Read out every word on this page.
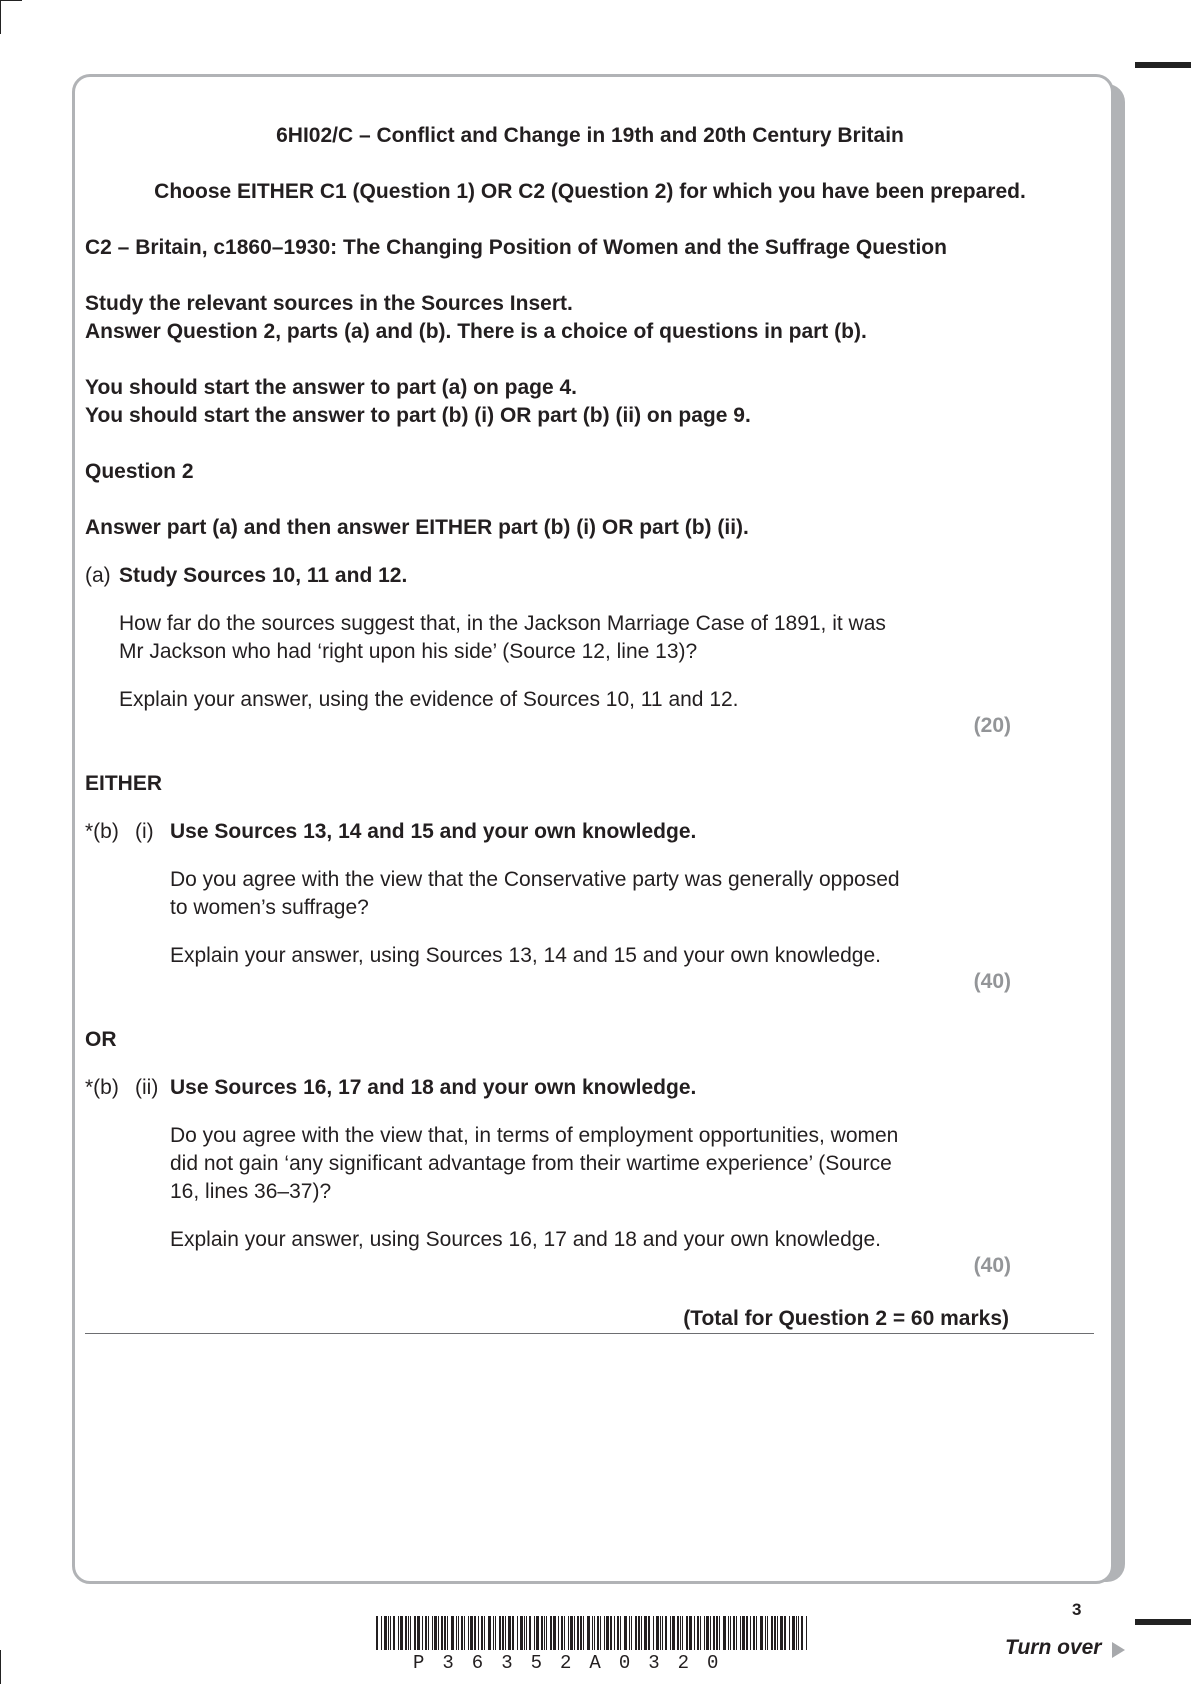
6HI02/C – Conflict and Change in 19th and 20th Century Britain
Choose EITHER C1 (Question 1) OR C2 (Question 2) for which you have been prepared.
C2 – Britain, c1860–1930: The Changing Position of Women and the Suffrage Question
Study the relevant sources in the Sources Insert.
Answer Question 2, parts (a) and (b). There is a choice of questions in part (b).
You should start the answer to part (a) on page 4.
You should start the answer to part (b) (i) OR part (b) (ii) on page 9.
Question 2
Answer part (a) and then answer EITHER part (b) (i) OR part (b) (ii).
(a) Study Sources 10, 11 and 12.
How far do the sources suggest that, in the Jackson Marriage Case of 1891, it was
Mr Jackson who had ‘right upon his side’ (Source 12, line 13)?
Explain your answer, using the evidence of Sources 10, 11 and 12.
(20)
EITHER
*(b) (i) Use Sources 13, 14 and 15 and your own knowledge.
Do you agree with the view that the Conservative party was generally opposed
to women’s suffrage?
Explain your answer, using Sources 13, 14 and 15 and your own knowledge.
(40)
OR
*(b) (ii) Use Sources 16, 17 and 18 and your own knowledge.
Do you agree with the view that, in terms of employment opportunities, women
did not gain ‘any significant advantage from their wartime experience’ (Source
16, lines 36–37)?
Explain your answer, using Sources 16, 17 and 18 and your own knowledge.
(40)
(Total for Question 2 = 60 marks)
3
P36352A0320
Turn over
